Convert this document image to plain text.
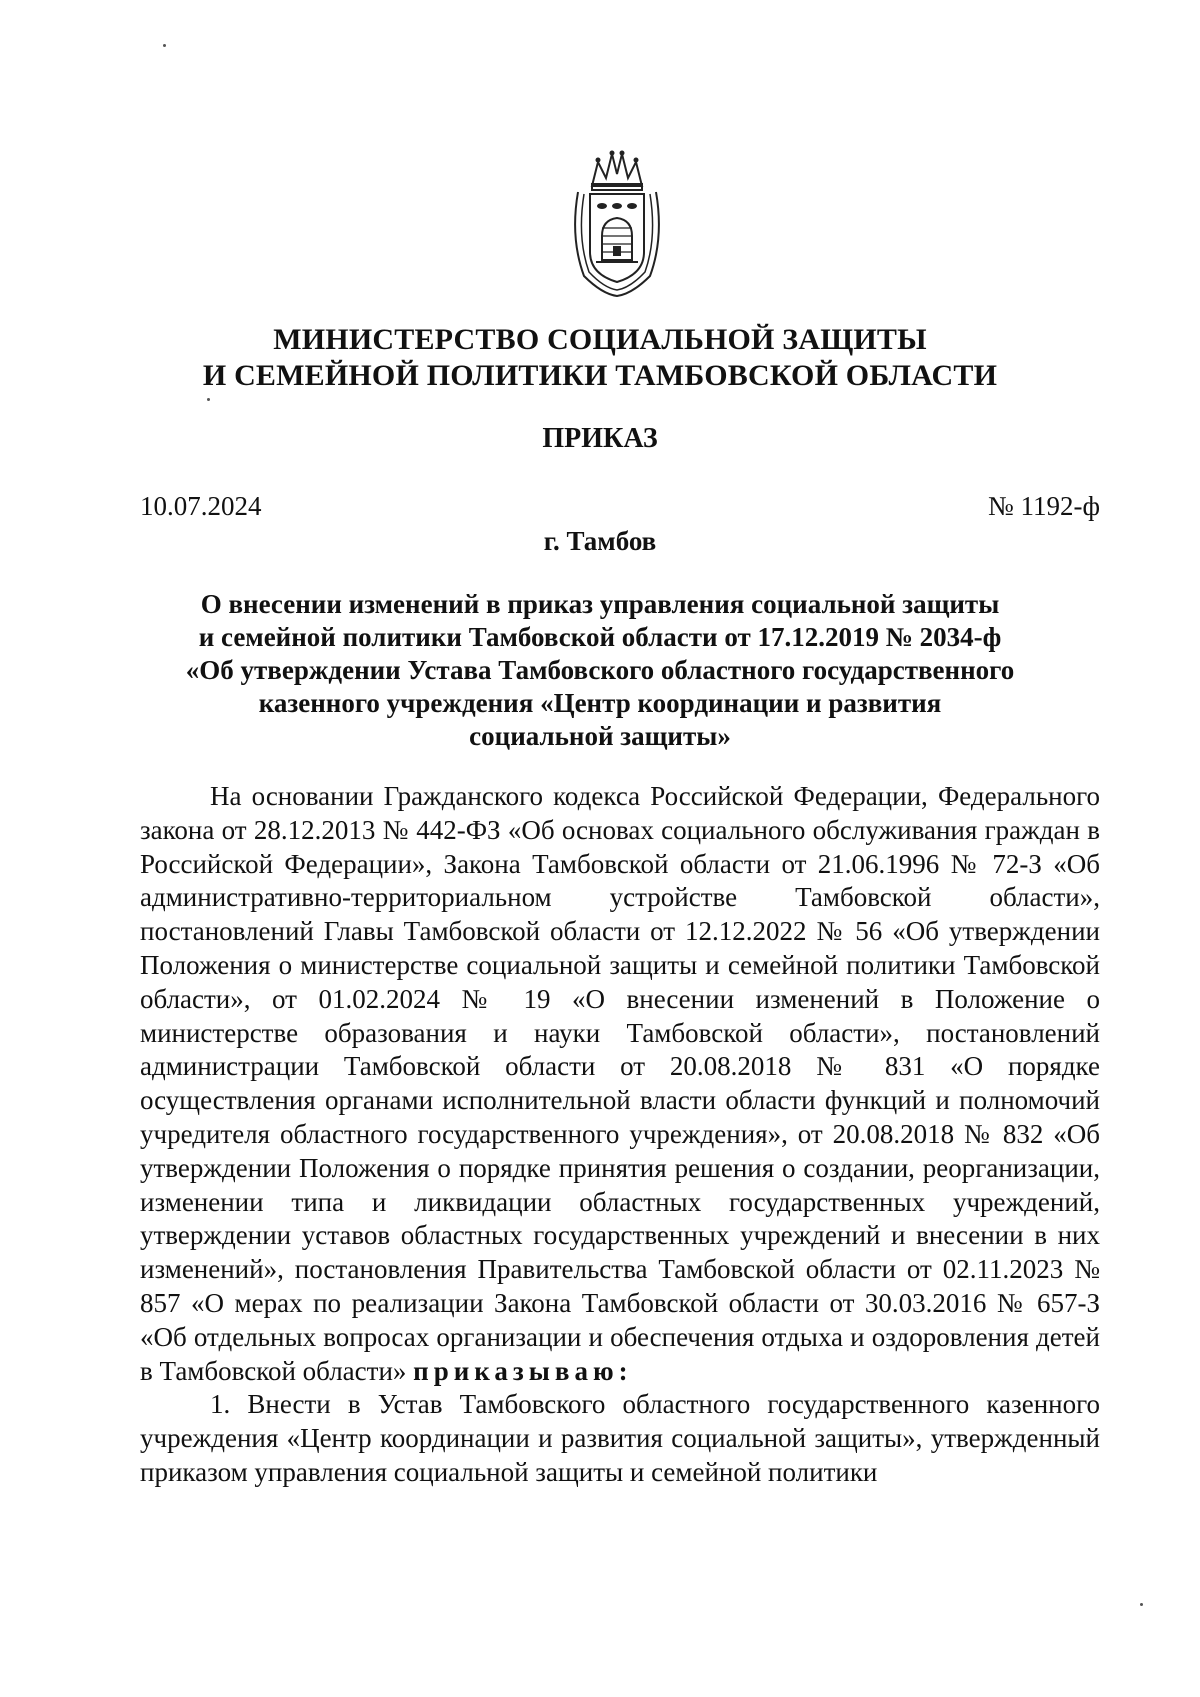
МИНИСТЕРСТВО СОЦИАЛЬНОЙ ЗАЩИТЫ
И СЕМЕЙНОЙ ПОЛИТИКИ ТАМБОВСКОЙ ОБЛАСТИ
ПРИКАЗ
10.07.2024	№ 1192-ф
г. Тамбов
О внесении изменений в приказ управления социальной защиты
и семейной политики Тамбовской области от 17.12.2019 № 2034-ф
«Об утверждении Устава Тамбовского областного государственного
казенного учреждения «Центр координации и развития
социальной защиты»

На основании Гражданского кодекса Российской Федерации, Федерального закона от 28.12.2013 № 442-ФЗ «Об основах социального обслуживания граждан в Российской Федерации», Закона Тамбовской области от 21.06.1996 № 72-З «Об административно-территориальном устройстве Тамбовской области», постановлений Главы Тамбовской области от 12.12.2022 № 56 «Об утверждении Положения о министерстве социальной защиты и семейной политики Тамбовской области», от 01.02.2024 № 19 «О внесении изменений в Положение о министерстве образования и науки Тамбовской области», постановлений администрации Тамбовской области от 20.08.2018 № 831 «О порядке осуществления органами исполнительной власти области функций и полномочий учредителя областного государственного учреждения», от 20.08.2018 № 832 «Об утверждении Положения о порядке принятия решения о создании, реорганизации, изменении типа и ликвидации областных государственных учреждений, утверждении уставов областных государственных учреждений и внесении в них изменений», постановления Правительства Тамбовской области от 02.11.2023 № 857 «О мерах по реализации Закона Тамбовской области от 30.03.2016 № 657-З «Об отдельных вопросах организации и обеспечения отдыха и оздоровления детей в Тамбовской области» приказываю:

1. Внести в Устав Тамбовского областного государственного казенного учреждения «Центр координации и развития социальной защиты», утвержденный приказом управления социальной защиты и семейной политики
